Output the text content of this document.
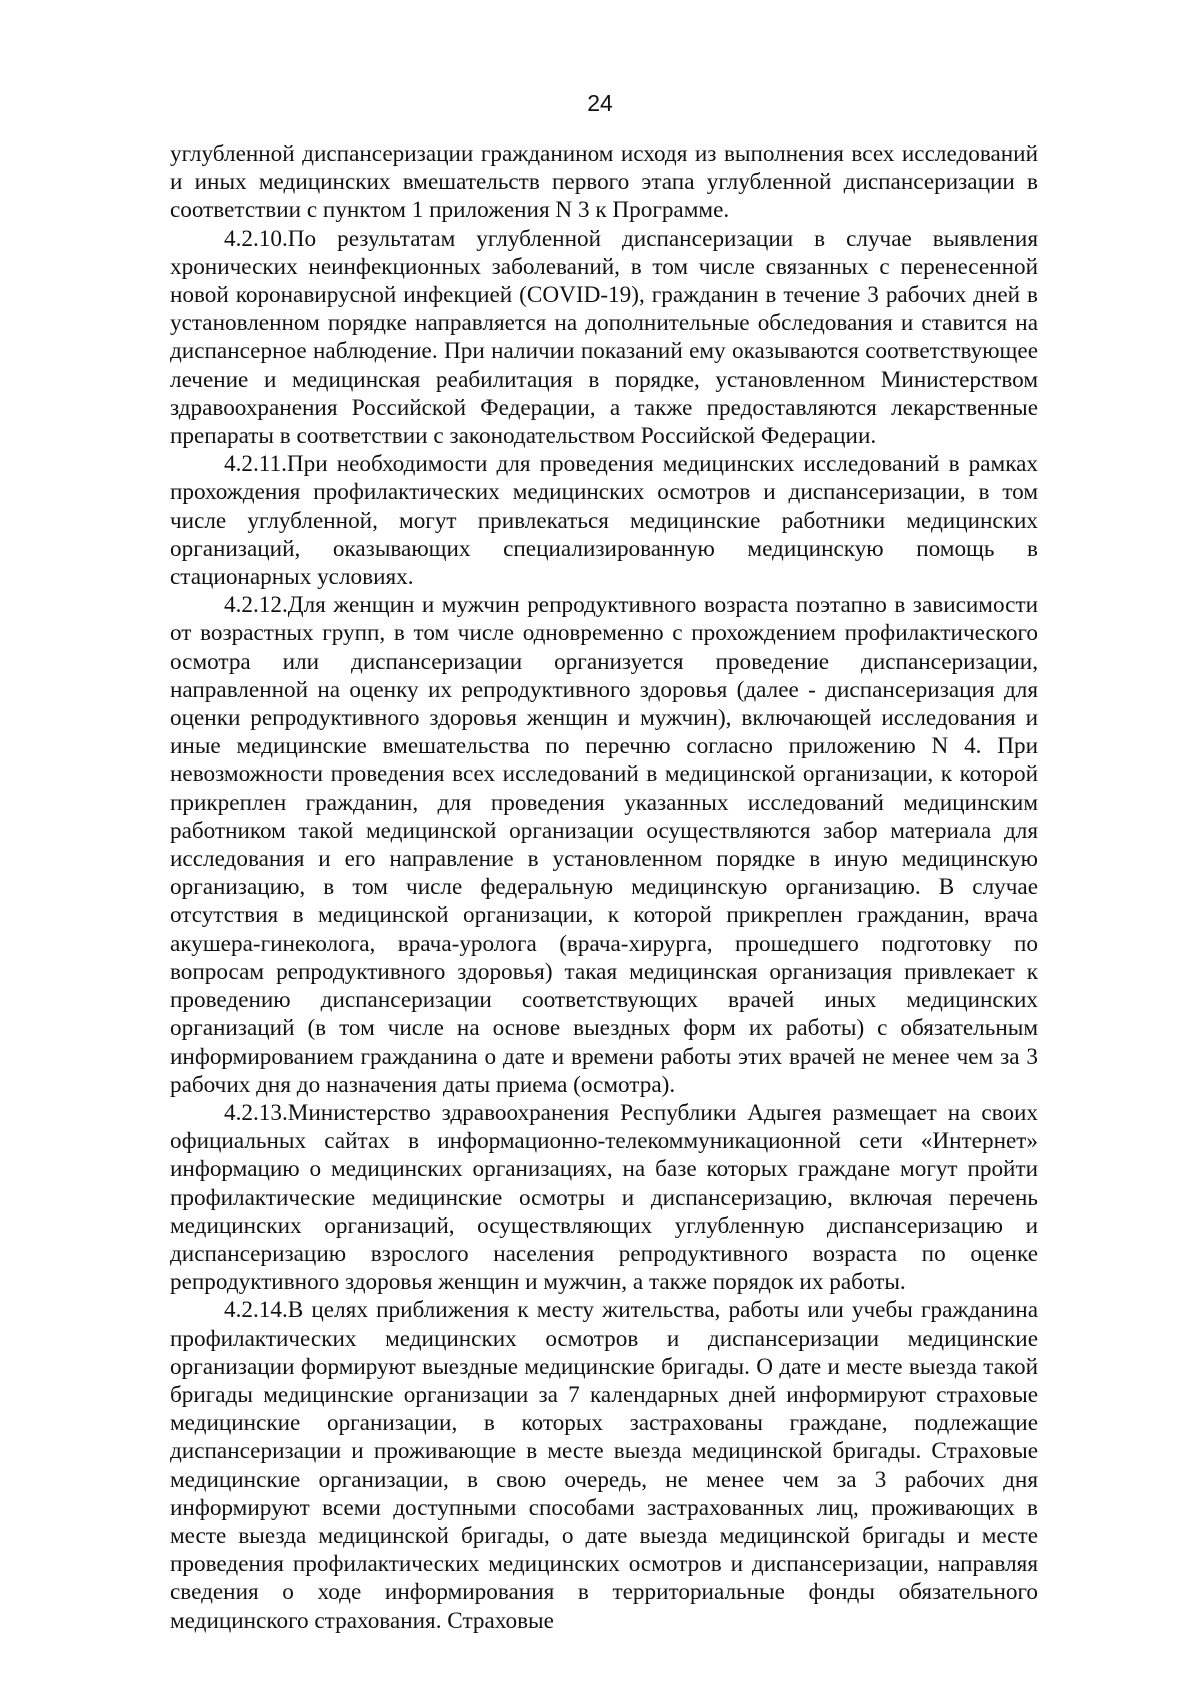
24

углубленной диспансеризации гражданином исходя из выполнения всех исследований и иных медицинских вмешательств первого этапа углубленной диспансеризации в соответствии с пунктом 1 приложения N 3 к Программе.

4.2.10.По результатам углубленной диспансеризации в случае выявления хронических неинфекционных заболеваний, в том числе связанных с перенесенной новой коронавирусной инфекцией (COVID-19), гражданин в течение 3 рабочих дней в установленном порядке направляется на дополнительные обследования и ставится на диспансерное наблюдение. При наличии показаний ему оказываются соответствующее лечение и медицинская реабилитация в порядке, установленном Министерством здравоохранения Российской Федерации, а также предоставляются лекарственные препараты в соответствии с законодательством Российской Федерации.

4.2.11.При необходимости для проведения медицинских исследований в рамках прохождения профилактических медицинских осмотров и диспансеризации, в том числе углубленной, могут привлекаться медицинские работники медицинских организаций, оказывающих специализированную медицинскую помощь в стационарных условиях.

4.2.12.Для женщин и мужчин репродуктивного возраста поэтапно в зависимости от возрастных групп, в том числе одновременно с прохождением профилактического осмотра или диспансеризации организуется проведение диспансеризации, направленной на оценку их репродуктивного здоровья (далее - диспансеризация для оценки репродуктивного здоровья женщин и мужчин), включающей исследования и иные медицинские вмешательства по перечню согласно приложению N 4. При невозможности проведения всех исследований в медицинской организации, к которой прикреплен гражданин, для проведения указанных исследований медицинским работником такой медицинской организации осуществляются забор материала для исследования и его направление в установленном порядке в иную медицинскую организацию, в том числе федеральную медицинскую организацию. В случае отсутствия в медицинской организации, к которой прикреплен гражданин, врача акушера-гинеколога, врача-уролога (врача-хирурга, прошедшего подготовку по вопросам репродуктивного здоровья) такая медицинская организация привлекает к проведению диспансеризации соответствующих врачей иных медицинских организаций (в том числе на основе выездных форм их работы) с обязательным информированием гражданина о дате и времени работы этих врачей не менее чем за 3 рабочих дня до назначения даты приема (осмотра).

4.2.13.Министерство здравоохранения Республики Адыгея размещает на своих официальных сайтах в информационно-телекоммуникационной сети «Интернет» информацию о медицинских организациях, на базе которых граждане могут пройти профилактические медицинские осмотры и диспансеризацию, включая перечень медицинских организаций, осуществляющих углубленную диспансеризацию и диспансеризацию взрослого населения репродуктивного возраста по оценке репродуктивного здоровья женщин и мужчин, а также порядок их работы.

4.2.14.В целях приближения к месту жительства, работы или учебы гражданина профилактических медицинских осмотров и диспансеризации медицинские организации формируют выездные медицинские бригады. О дате и месте выезда такой бригады медицинские организации за 7 календарных дней информируют страховые медицинские организации, в которых застрахованы граждане, подлежащие диспансеризации и проживающие в месте выезда медицинской бригады. Страховые медицинские организации, в свою очередь, не менее чем за 3 рабочих дня информируют всеми доступными способами застрахованных лиц, проживающих в месте выезда медицинской бригады, о дате выезда медицинской бригады и месте проведения профилактических медицинских осмотров и диспансеризации, направляя сведения о ходе информирования в территориальные фонды обязательного медицинского страхования. Страховые
